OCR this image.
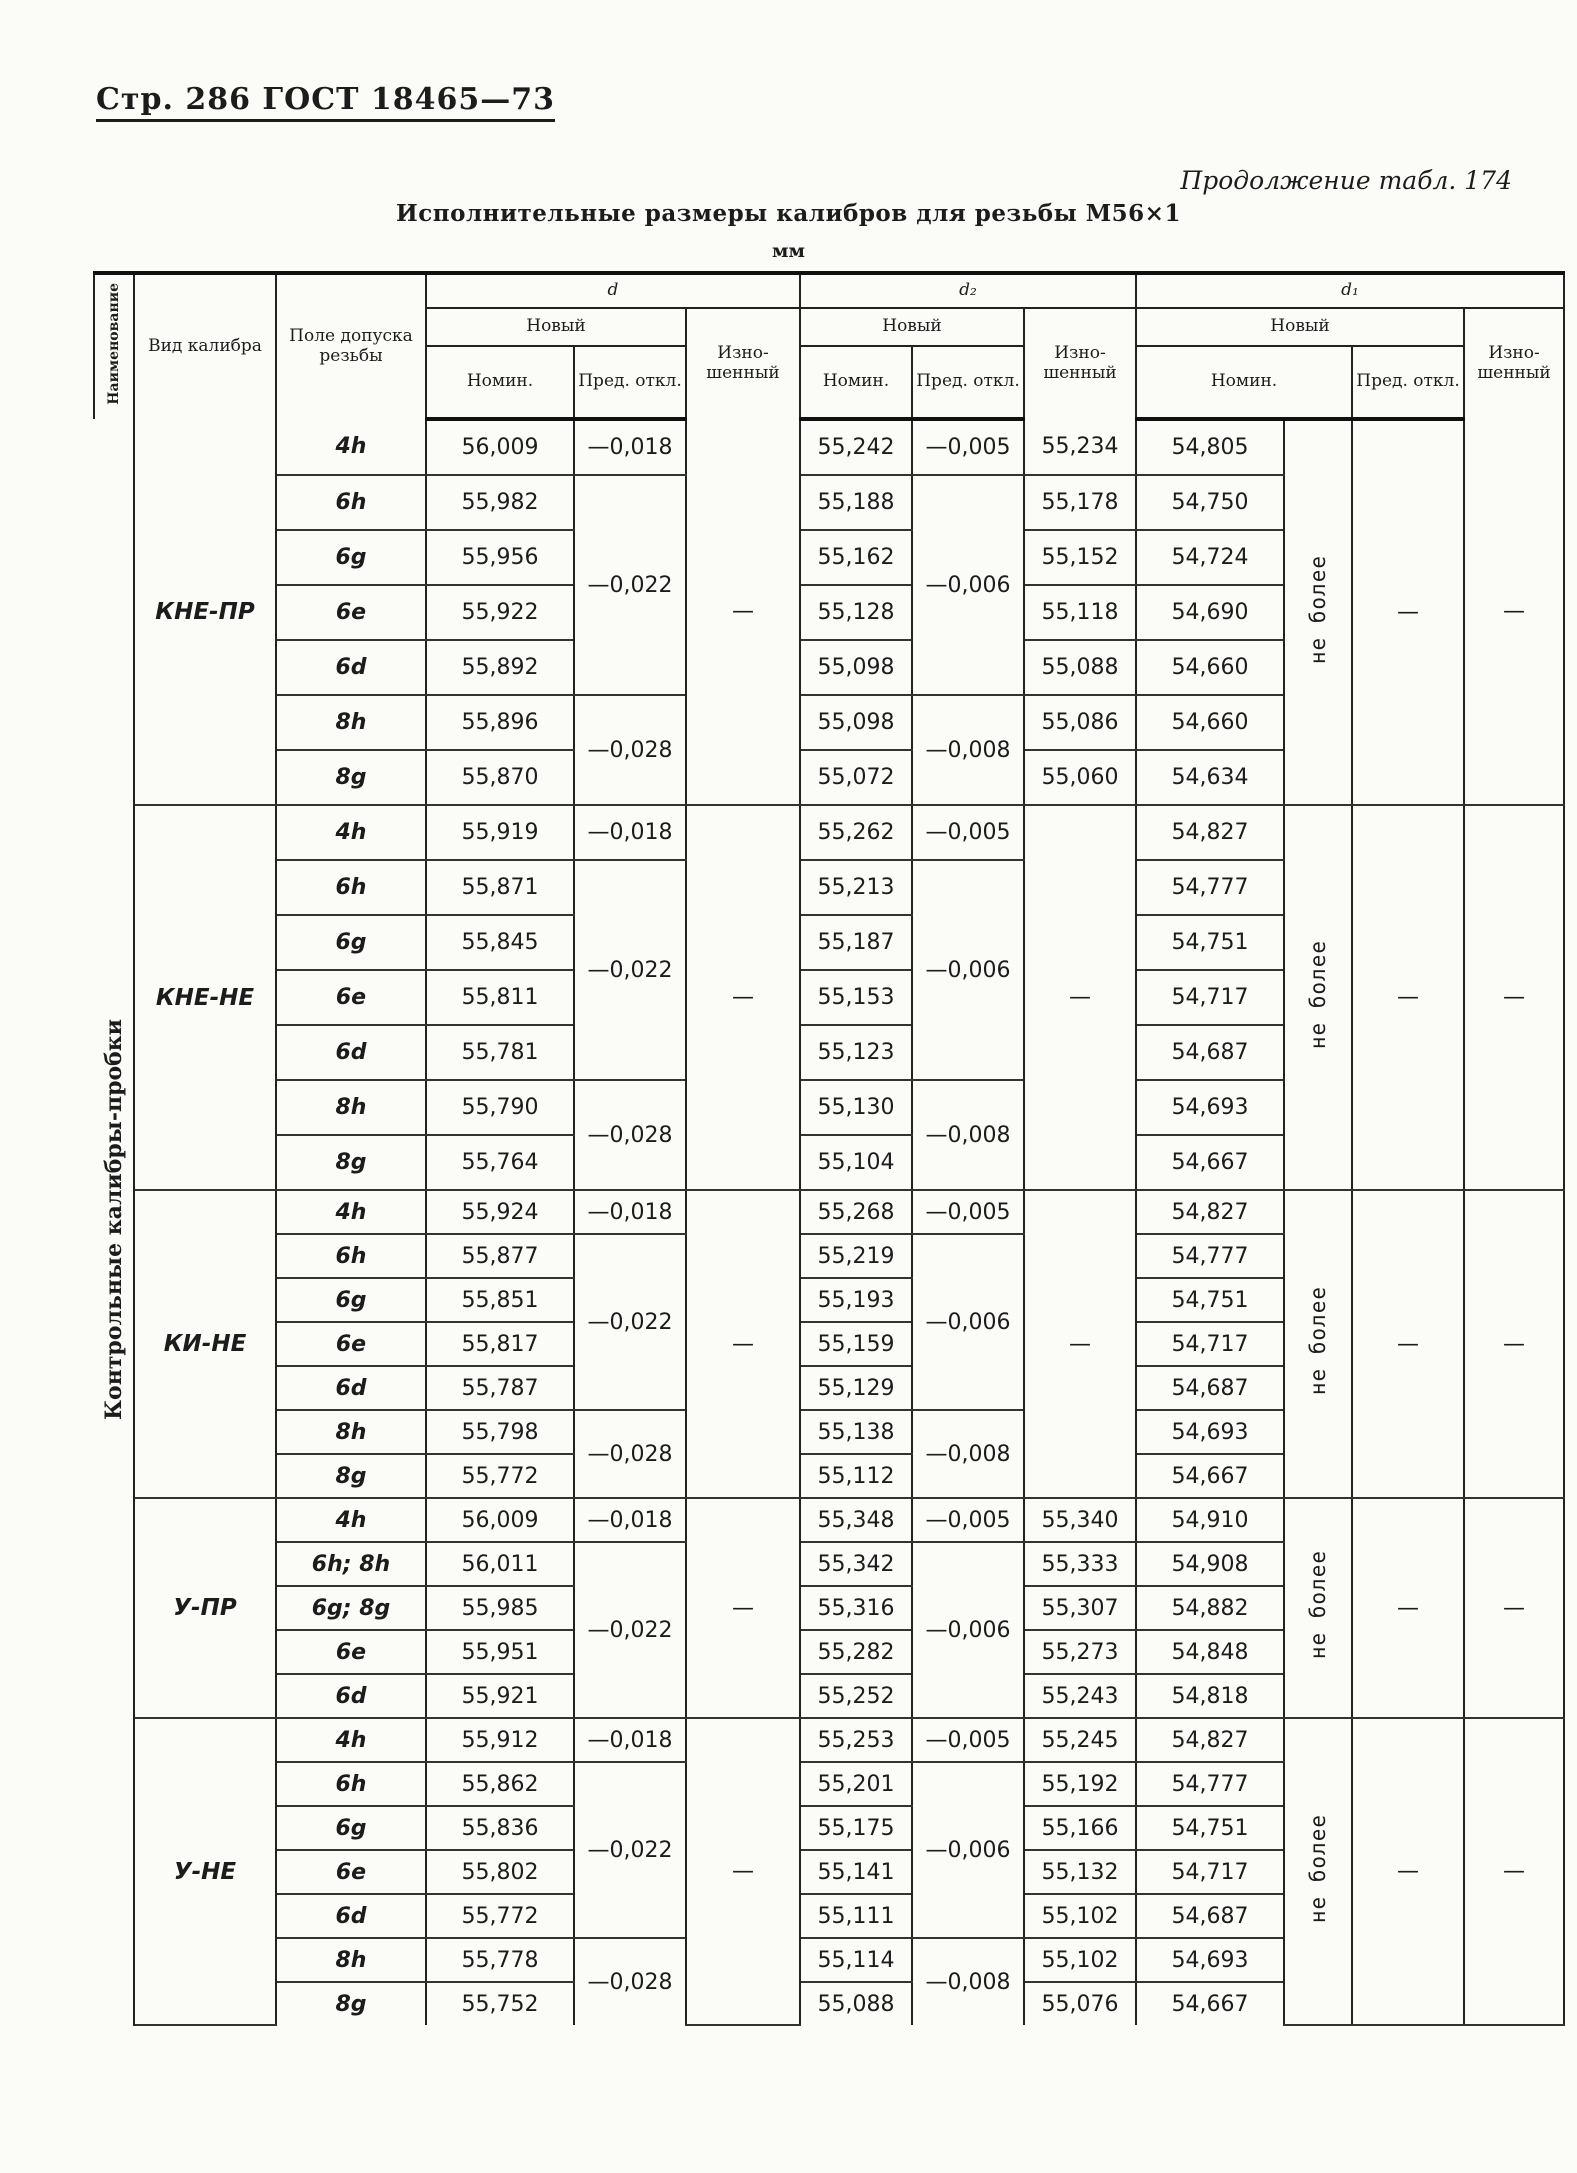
Стр. 286 ГОСТ 18465—73
Продолжение табл. 174
Исполнительные размеры калибров для резьбы М56×1
мм
Наименование	Вид калибра	Поле допуска резьбы	d			d₂			d₁			
			Новый		Изно-шенный	Новый		Изно-шенный	Новый			Изно-шенный
			Номин.	Пред. откл.		Номин.	Пред. откл.		Номин.		Пред. откл.	
Контрольные калибры-пробки	КНЕ-ПР	4h	56,009	—0,018	—	55,242	—0,005	55,234	54,805	не более	—	—
		6h	55,982	—0,022		55,188	—0,006	55,178	54,750			
		6g	55,956			55,162		55,152	54,724			
		6e	55,922			55,128		55,118	54,690			
		6d	55,892			55,098		55,088	54,660			
		8h	55,896	—0,028		55,098	—0,008	55,086	54,660			
		8g	55,870			55,072		55,060	54,634			
	КНЕ-НЕ	4h	55,919	—0,018	—	55,262	—0,005	—	54,827	не более	—	—
		6h	55,871	—0,022		55,213	—0,006		54,777			
		6g	55,845			55,187			54,751			
		6e	55,811			55,153			54,717			
		6d	55,781			55,123			54,687			
		8h	55,790	—0,028		55,130	—0,008		54,693			
		8g	55,764			55,104			54,667			
	КИ-НЕ	4h	55,924	—0,018	—	55,268	—0,005	—	54,827	не более	—	—
		6h	55,877	—0,022		55,219	—0,006		54,777			
		6g	55,851			55,193			54,751			
		6e	55,817			55,159			54,717			
		6d	55,787			55,129			54,687			
		8h	55,798	—0,028		55,138	—0,008		54,693			
		8g	55,772			55,112			54,667			
	У-ПР	4h	56,009	—0,018	—	55,348	—0,005	55,340	54,910	не более	—	—
		6h; 8h	56,011	—0,022		55,342	—0,006	55,333	54,908			
		6g; 8g	55,985			55,316		55,307	54,882			
		6e	55,951			55,282		55,273	54,848			
		6d	55,921			55,252		55,243	54,818			
	У-НЕ	4h	55,912	—0,018	—	55,253	—0,005	55,245	54,827	не более	—	—
		6h	55,862	—0,022		55,201	—0,006	55,192	54,777			
		6g	55,836			55,175		55,166	54,751			
		6e	55,802			55,141		55,132	54,717			
		6d	55,772			55,111		55,102	54,687			
		8h	55,778	—0,028		55,114	—0,008	55,102	54,693			
		8g	55,752			55,088		55,076	54,667			
